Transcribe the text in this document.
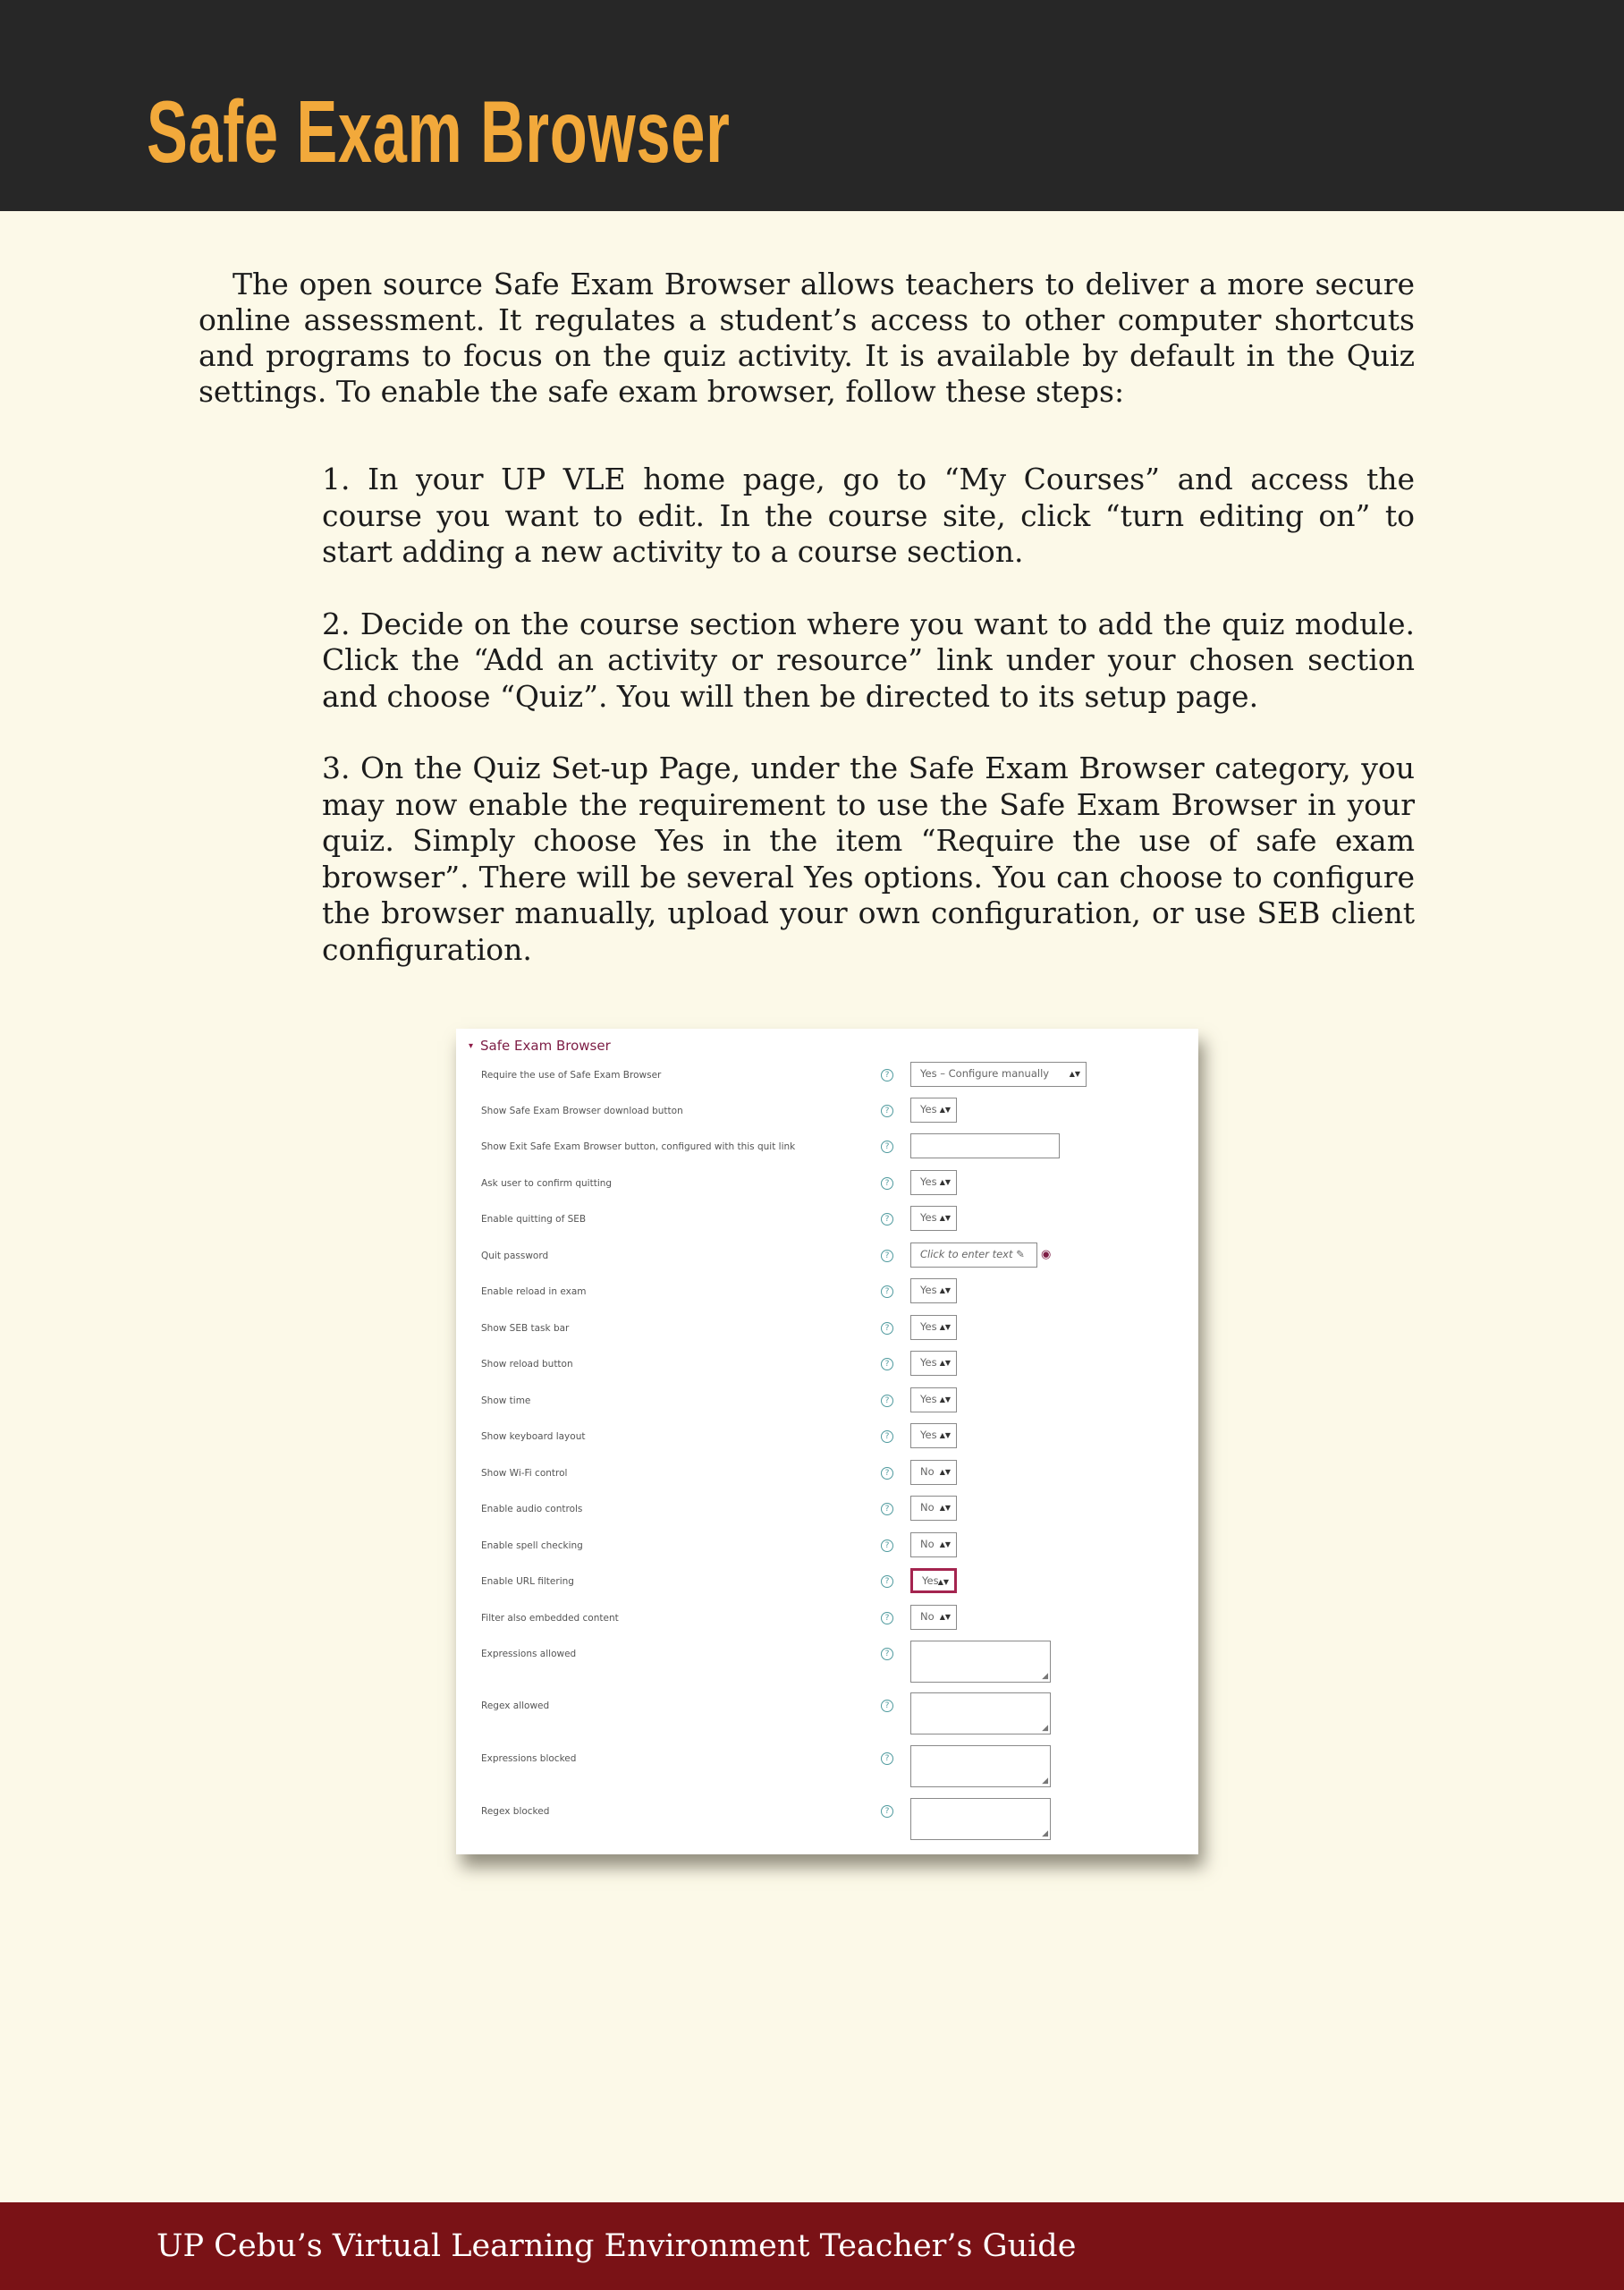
Safe Exam Browser

The open source Safe Exam Browser allows teachers to deliver a more secure online assessment. It regulates a student’s access to other computer shortcuts and programs to focus on the quiz activity. It is available by default in the Quiz settings. To enable the safe exam browser, follow these steps:

1. In your UP VLE home page, go to “My Courses” and access the course you want to edit. In the course site, click “turn editing on” to start adding a new activity to a course section.
2. Decide on the course section where you want to add the quiz module. Click the “Add an activity or resource” link under your chosen section and choose “Quiz”. You will then be directed to its setup page.
3. On the Quiz Set-up Page, under the Safe Exam Browser category, you may now enable the requirement to use the Safe Exam Browser in your quiz. Simply choose Yes in the item “Require the use of safe exam browser”. There will be several Yes options. You can choose to configure the browser manually, upload your own configuration, or use SEB client configuration.
▾ Safe Exam Browser
Require the use of Safe Exam Browser	?	Yes – Configure manually	▲▼
Show Safe Exam Browser download button	?	Yes ▲▼
Show Exit Safe Exam Browser button, configured with this quit link	?
Ask user to confirm quitting	?	Yes ▲▼
Enable quitting of SEB	?	Yes ▲▼
Quit password	?	Click to enter text ✎ ◉
Enable reload in exam	?	Yes ▲▼
Show SEB task bar	?	Yes ▲▼
Show reload button	?	Yes ▲▼
Show time	?	Yes ▲▼
Show keyboard layout	?	Yes ▲▼
Show Wi-Fi control	?	No ▲▼
Enable audio controls	?	No ▲▼
Enable spell checking	?	No ▲▼
Enable URL filtering	?	Yes ▲▼
Filter also embedded content	?	No ▲▼
Expressions allowed	?
◢
Regex allowed	?
◢
Expressions blocked	?
◢
Regex blocked	?
◢

UP Cebu’s Virtual Learning Environment Teacher’s Guide
